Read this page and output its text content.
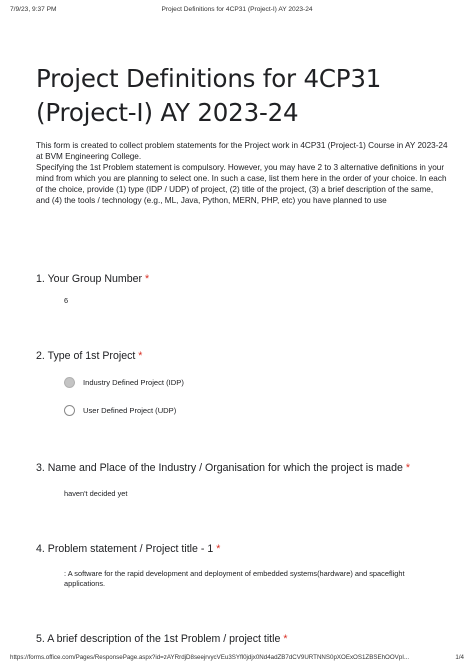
7/9/23, 9:37 PM	Project Definitions for 4CP31 (Project-I) AY 2023-24
Project Definitions for 4CP31 (Project-I) AY 2023-24

This form is created to collect problem statements for the Project work in 4CP31 (Project-1) Course in AY 2023-24 at BVM Engineering College.

Specifying the 1st Problem statement is compulsory. However, you may have 2 to 3 alternative definitions in your mind from which you are planning to select one. In such a case, list them here in the order of your choice. In each of the choice, provide (1) type (IDP / UDP) of project, (2) title of the project, (3) a brief description of the same, and (4) the tools / technology (e.g., ML, Java, Python, MERN, PHP, etc) you have planned to use

1. Your Group Number *
6
2. Type of 1st Project *
Industry Defined Project (IDP)
User Defined Project (UDP)
3. Name and Place of the Industry / Organisation for which the project is made *
haven't decided yet
4. Problem statement / Project title - 1 *
: A software for the rapid development and deployment of embedded systems(hardware) and spaceflight applications.
5. A brief description of the 1st Problem / project title *
https://forms.office.com/Pages/ResponsePage.aspx?id=zAYRrdjD8seejrvycVEu3SYfl0jdjx0Nd4adZB7dCV9URTNNS0pXOExOS1ZBSEhOOVpI...	1/4
